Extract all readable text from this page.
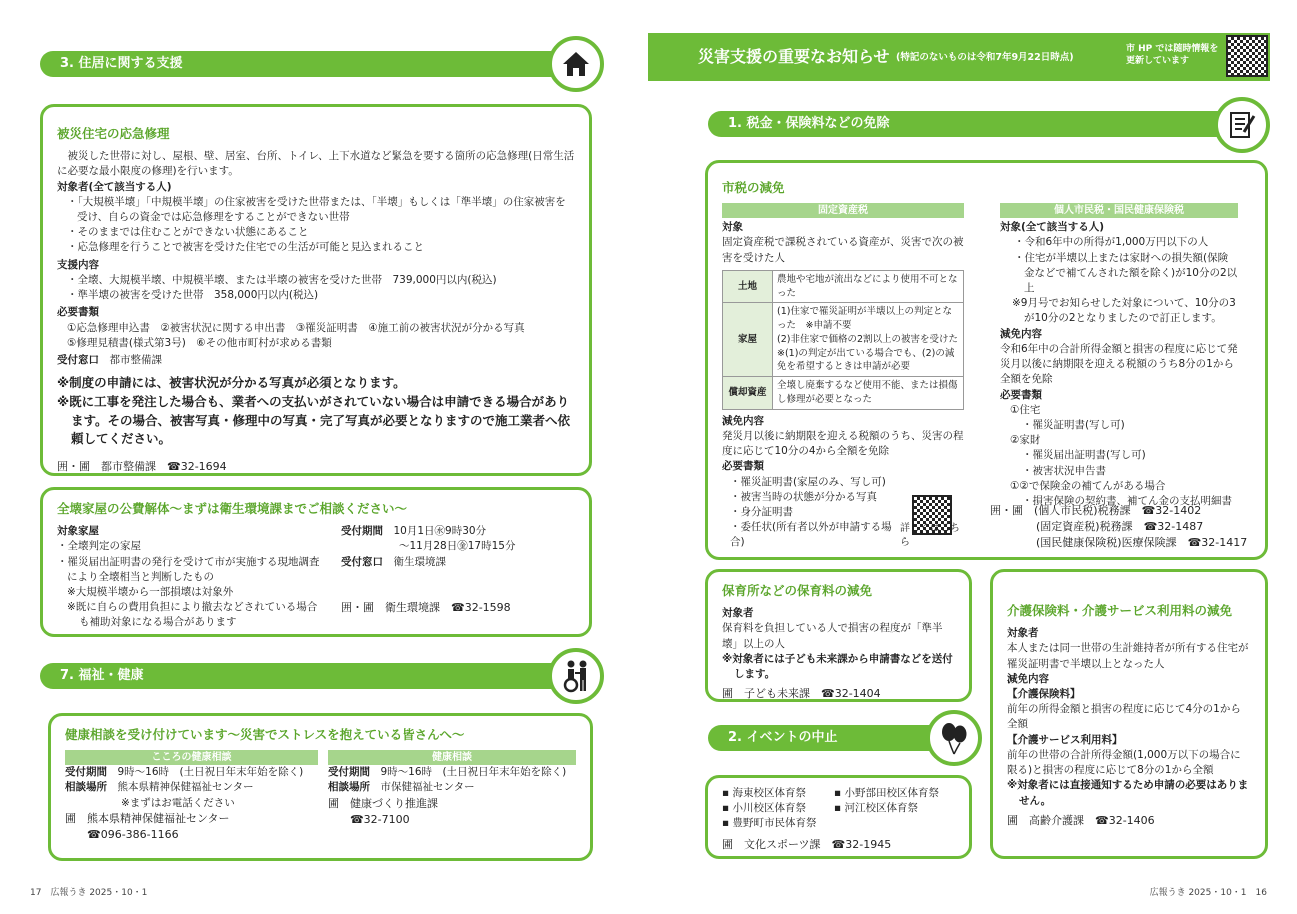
3. 住居に関する支援
被災住宅の応急修理
被災した世帯に対し、屋根、壁、居室、台所、トイレ、上下水道など緊急を要する箇所の応急修理(日常生活に必要な最小限度の修理)を行います。
対象者(全て該当する人)
・「大規模半壊」「中規模半壊」の住家被害を受けた世帯または、「半壊」もしくは「準半壊」の住家被害を受け、自らの資金では応急修理をすることができない世帯
・そのままでは住むことができない状態にあること
・応急修理を行うことで被害を受けた住宅での生活が可能と見込まれること
支援内容
・全壊、大規模半壊、中規模半壊、または半壊の被害を受けた世帯　739,000円以内(税込)
・準半壊の被害を受けた世帯　358,000円以内(税込)
必要書類
①応急修理申込書　②被害状況に関する申出書　③罹災証明書　④施工前の被害状況が分かる写真
⑤修理見積書(様式第3号)　⑥その他市町村が求める書類
受付窓口　 都市整備課
※制度の申請には、被害状況が分かる写真が必須となります。
※既に工事を発注した場合も、業者への支払いがされていない場合は申請できる場合があります。その場合、被害写真・修理中の写真・完了写真が必要となりますので施工業者へ依頼してください。
囲・圃　都市整備課　☎32-1694
全壊家屋の公費解体～まずは衛生環境課までご相談ください～
対象家屋
・全壊判定の家屋
・罹災届出証明書の発行を受けて市が実施する現地調査により全壊相当と判断したもの
※大規模半壊から一部損壊は対象外
※既に自らの費用負担により撤去などされている場合も補助対象になる場合があります
受付期間　 10月1日㊌9時30分
～11月28日㊎17時15分
受付窓口　 衛生環境課
囲・圃　衛生環境課　☎32-1598
7. 福祉・健康
健康相談を受け付けています～災害でストレスを抱えている皆さんへ～
こころの健康相談
受付期間　 9時～16時　(土日祝日年末年始を除く)
相談場所　 熊本県精神保健福祉センター
※まずはお電話ください
圃　熊本県精神保健福祉センター
☎096-386-1166
健康相談
受付期間　 9時～16時　(土日祝日年末年始を除く)
相談場所　 市保健福祉センター
圃　健康づくり推進課
☎32-7100
17　広報うき 2025・10・1
災害支援の重要なお知らせ (特記のないものは令和7年9月22日時点)
市 HP では随時情報を更新しています
1. 税金・保険料などの免除
市税の減免
固定資産税
対象
固定資産税で課税されている資産が、災害で次の被害を受けた人
土地	農地や宅地が流出などにより使用不可となった
家屋	(1)住家で罹災証明が半壊以上の判定となった　※申請不要
(2)非住家で価格の2割以上の被害を受けた
※(1)の判定が出ている場合でも、(2)の減免を希望するときは申請が必要
償却資産	全壊し廃棄するなど使用不能、または損傷し修理が必要となった
減免内容
発災月以後に納期限を迎える税額のうち、災害の程度に応じて10分の4から全額を免除
必要書類
・罹災証明書(家屋のみ、写し可)
・被害当時の状態が分かる写真
・身分証明書
・委任状(所有者以外が申請する場合)
詳しくはこちら
個人市民税・国民健康保険税
対象(全て該当する人)
・令和6年中の所得が1,000万円以下の人
・住宅が半壊以上または家財への損失額(保険金などで補てんされた額を除く)が10分の2以上
※9月号でお知らせした対象について、10分の3が10分の2となりましたので訂正します。
減免内容
令和6年中の合計所得金額と損害の程度に応じて発災月以後に納期限を迎える税額のうち8分の1から全額を免除
必要書類
①住宅
・罹災証明書(写し可)
②家財
・罹災届出証明書(写し可)
・被害状況申告書
①②で保険金の補てんがある場合
・損害保険の契約書、補てん金の支払明細書
囲・圃　(個人市民税)税務課　☎32-1402
(固定資産税)税務課　☎32-1487
(国民健康保険税)医療保険課　☎32-1417
保育所などの保育料の減免
対象者
保育料を負担している人で損害の程度が「準半壊」以上の人
※対象者には子ども未来課から申請書などを送付します。
圃　子ども未来課　☎32-1404
介護保険料・介護サービス利用料の減免
対象者
本人または同一世帯の生計維持者が所有する住宅が罹災証明書で半壊以上となった人
減免内容
【介護保険料】
前年の所得金額と損害の程度に応じて4分の1から全額
【介護サービス利用料】
前年の世帯の合計所得金額(1,000万以下の場合に限る)と損害の程度に応じて8分の1から全額
※対象者には直接通知するため申請の必要はありません。
圃　高齢介護課　☎32-1406
2. イベントの中止
▪ 海東校区体育祭	▪ 小野部田校区体育祭
▪ 小川校区体育祭	▪ 河江校区体育祭
▪ 豊野町市民体育祭
圃　文化スポーツ課　☎32-1945
広報うき 2025・10・1　16
